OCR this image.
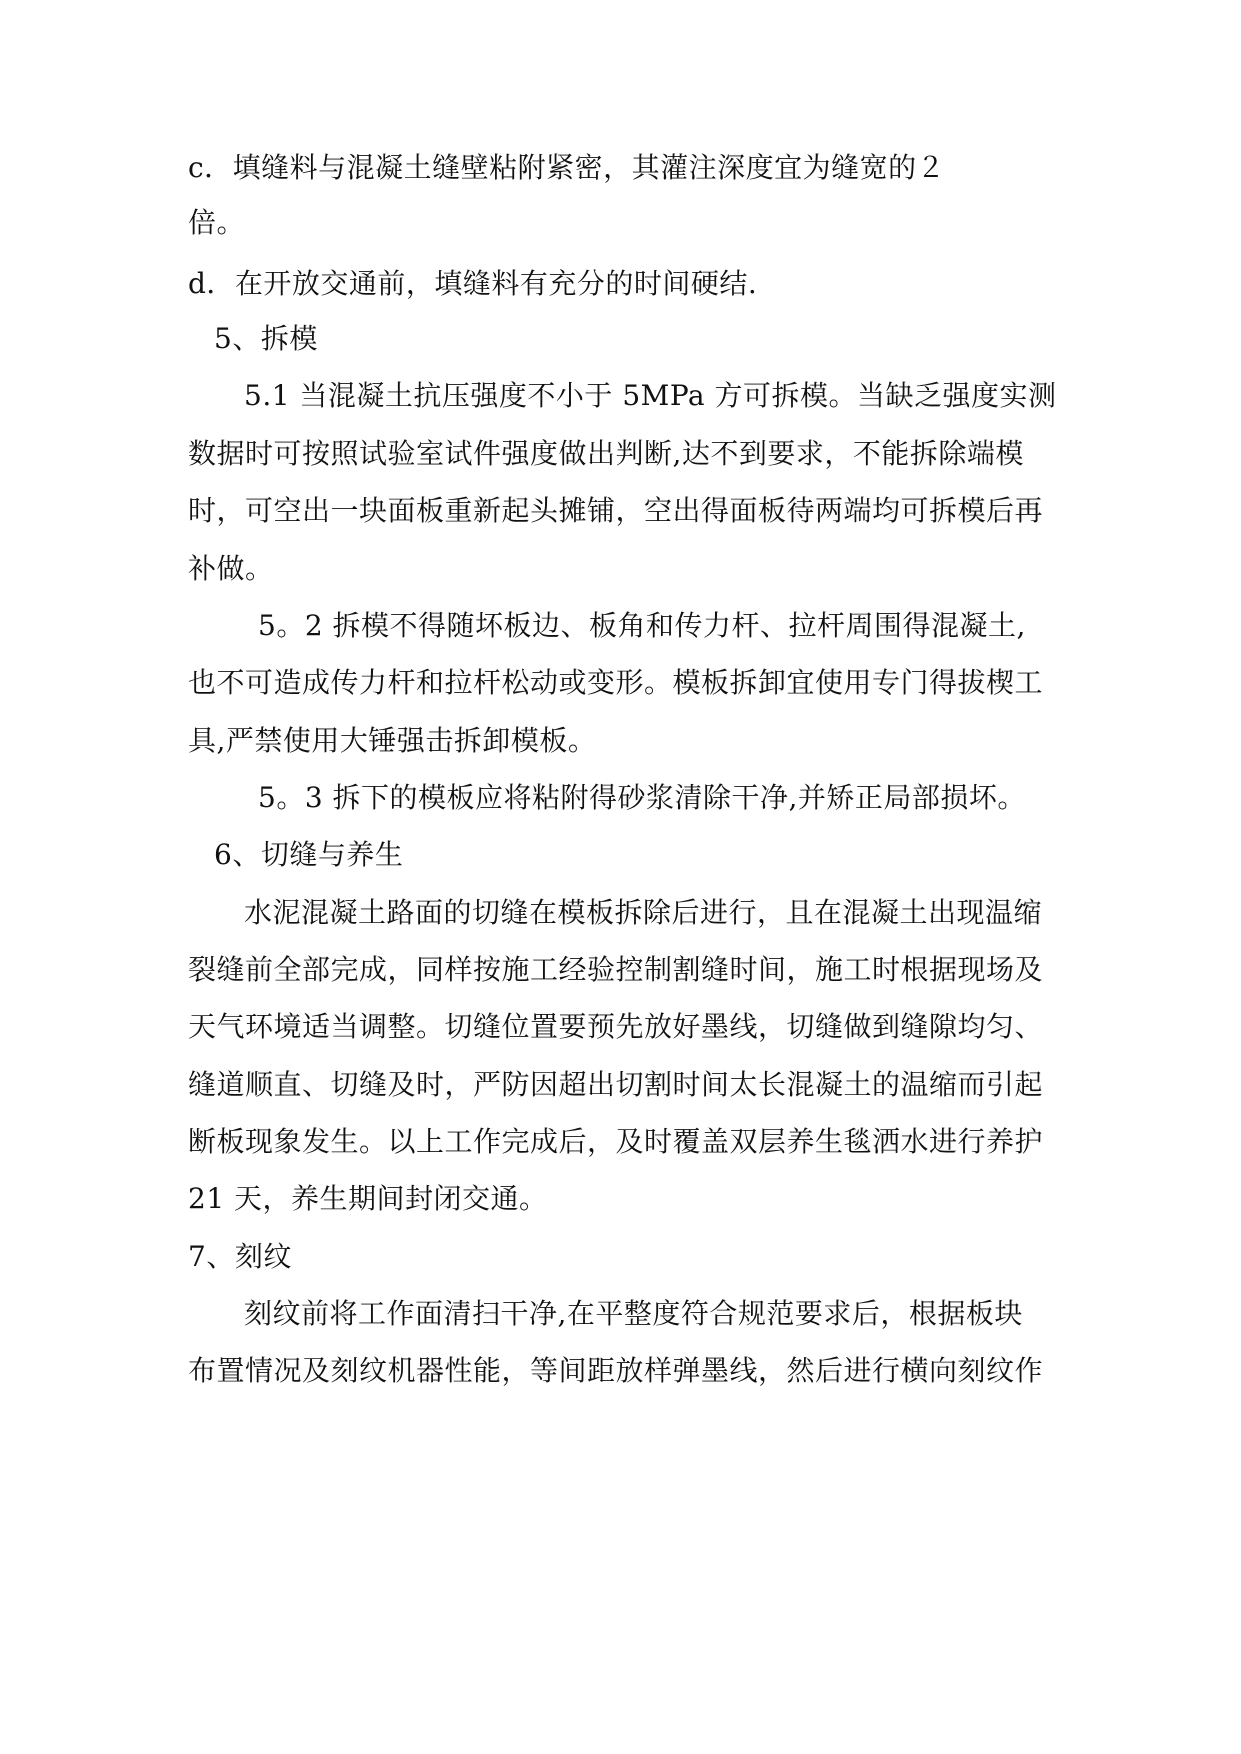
c．填缝料与混凝土缝壁粘附紧密，其灌注深度宜为缝宽的２
倍。
d．在开放交通前，填缝料有充分的时间硬结.
5、拆模
5.1 当混凝土抗压强度不小于 5MPa 方可拆模。当缺乏强度实测
数据时可按照试验室试件强度做出判断,达不到要求，不能拆除端模
时，可空出一块面板重新起头摊铺，空出得面板待两端均可拆模后再
补做。
5。2 拆模不得随坏板边、板角和传力杆、拉杆周围得混凝土,
也不可造成传力杆和拉杆松动或变形。模板拆卸宜使用专门得拔楔工
具,严禁使用大锤强击拆卸模板。
5。3 拆下的模板应将粘附得砂浆清除干净,并矫正局部损坏。
6、切缝与养生
水泥混凝土路面的切缝在模板拆除后进行，且在混凝土出现温缩
裂缝前全部完成，同样按施工经验控制割缝时间，施工时根据现场及
天气环境适当调整。切缝位置要预先放好墨线，切缝做到缝隙均匀、
缝道顺直、切缝及时，严防因超出切割时间太长混凝土的温缩而引起
断板现象发生。以上工作完成后，及时覆盖双层养生毯洒水进行养护
21 天，养生期间封闭交通。
7、刻纹
刻纹前将工作面清扫干净,在平整度符合规范要求后，根据板块
布置情况及刻纹机器性能，等间距放样弹墨线，然后进行横向刻纹作
